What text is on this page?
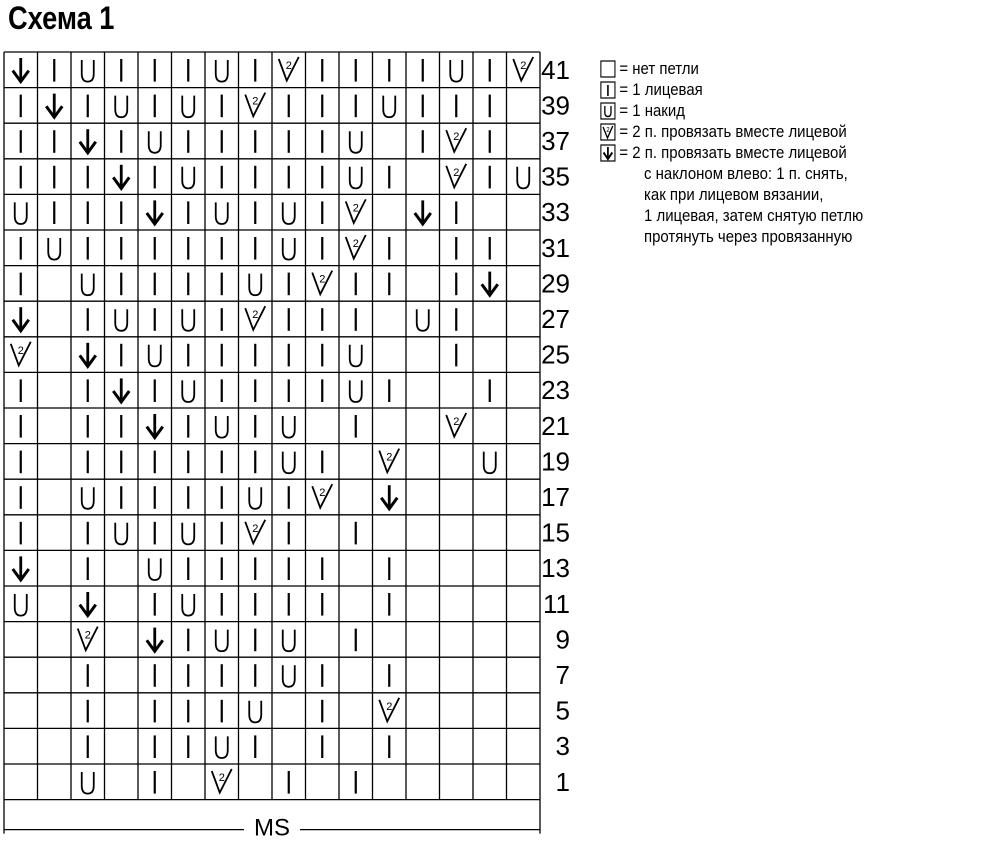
Схема 1
2	2
2
2
2
2
2
2
2
2
2
2
2
2
2
2
2
41
39
37
35
33
31
29
27
25
23
21
19
17
15
13
11
9
7
5
3
1
MS
= нет петли
= 1 лицевая
= 1 накид
2 = 2 п. провязать вместе лицевой
= 2 п. провязать вместе лицевой
с наклоном влево: 1 п. снять,
как при лицевом вязании,
1 лицевая, затем снятую петлю
протянуть через провязанную
